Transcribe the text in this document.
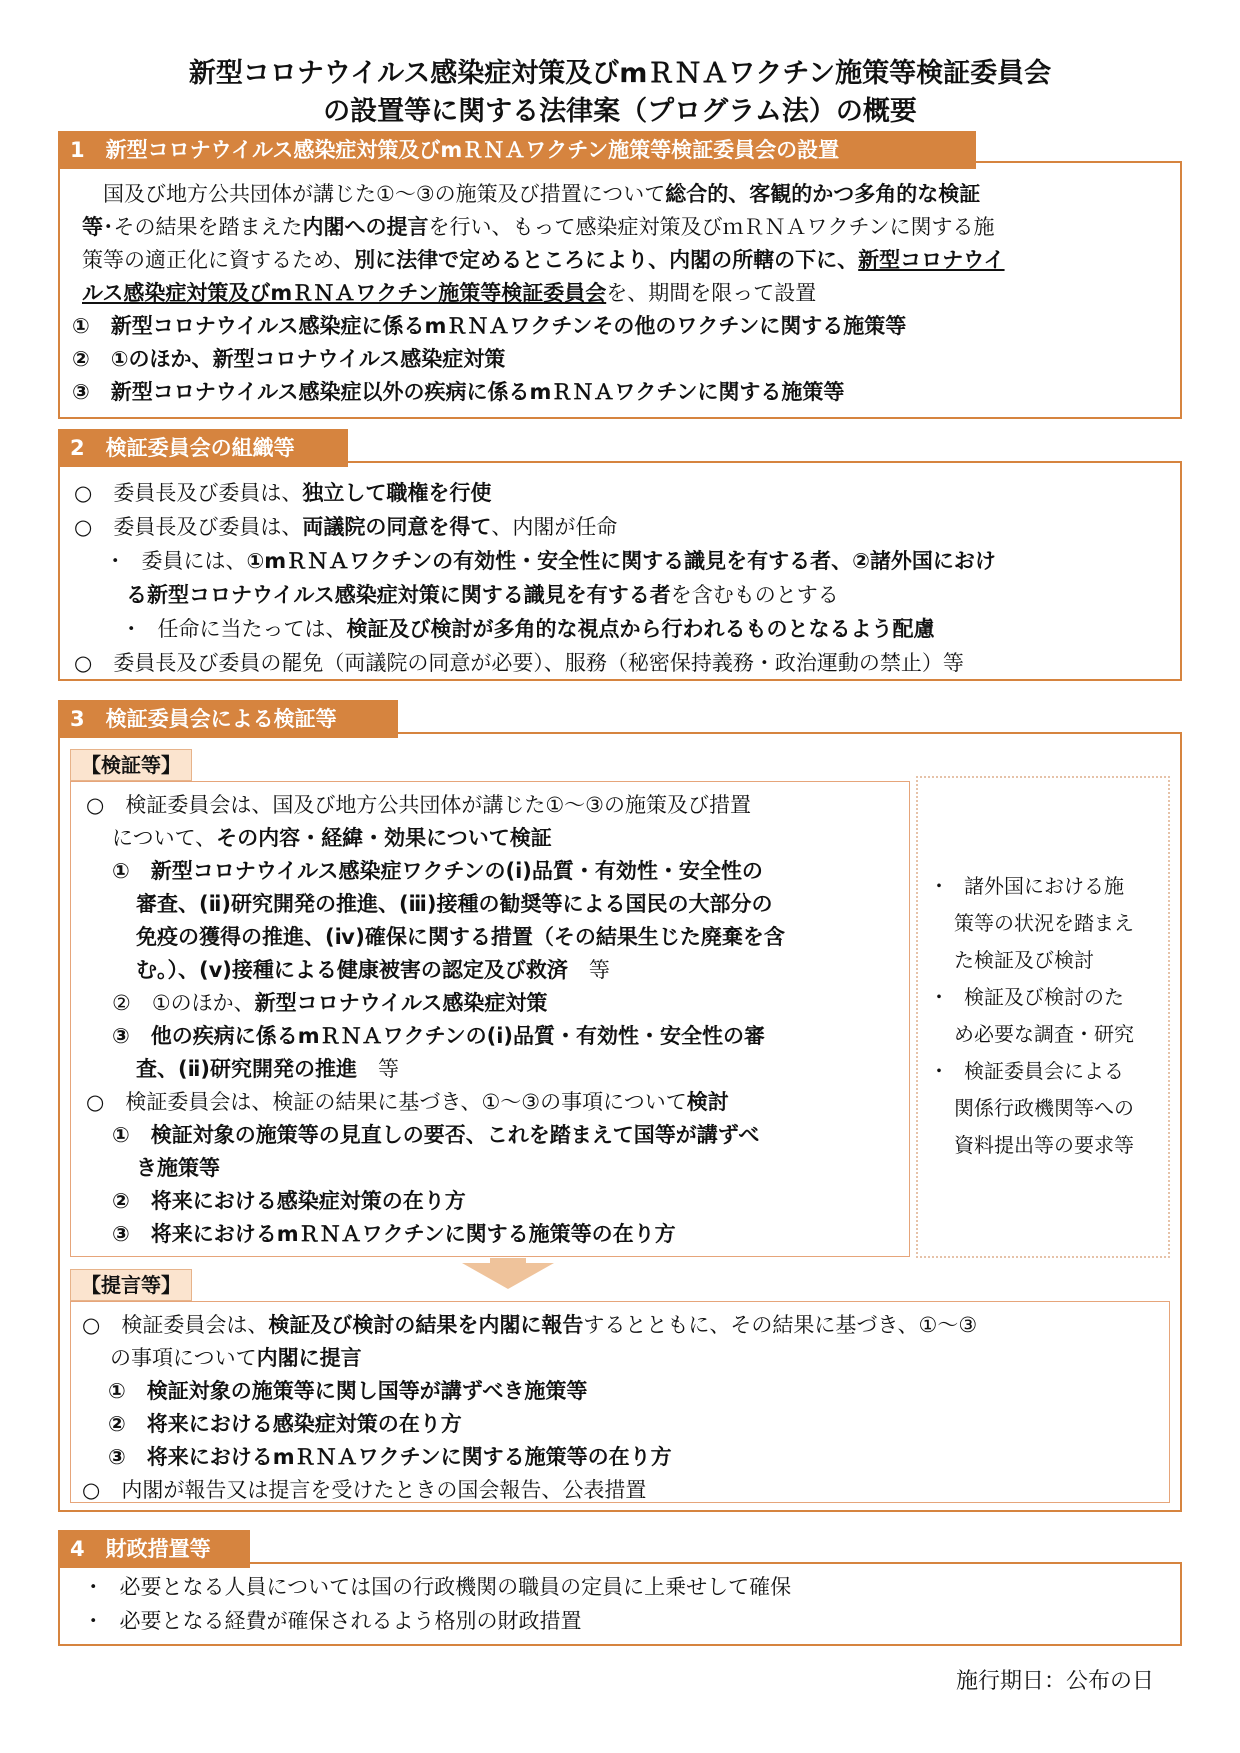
新型コロナウイルス感染症対策及びmＲＮＡワクチン施策等検証委員会
の設置等に関する法律案（プログラム法）の概要
1　新型コロナウイルス感染症対策及びmＲＮＡワクチン施策等検証委員会の設置
　国及び地方公共団体が講じた①～③の施策及び措置について総合的、客観的かつ多角的な検証
等･その結果を踏まえた内閣への提言を行い、もって感染症対策及びｍＲＮＡワクチンに関する施
策等の適正化に資するため、別に法律で定めるところにより、内閣の所轄の下に、新型コロナウイ
ルス感染症対策及びmＲＮＡワクチン施策等検証委員会を、期間を限って設置
①　新型コロナウイルス感染症に係るmＲＮＡワクチンその他のワクチンに関する施策等
②　①のほか、新型コロナウイルス感染症対策
③　新型コロナウイルス感染症以外の疾病に係るmＲＮＡワクチンに関する施策等
2　検証委員会の組織等
○　委員長及び委員は、独立して職権を行使
○　委員長及び委員は、両議院の同意を得て、内閣が任命
･　委員には、①mＲＮＡワクチンの有効性・安全性に関する識見を有する者、②諸外国におけ
る新型コロナウイルス感染症対策に関する識見を有する者を含むものとする
･　任命に当たっては、検証及び検討が多角的な視点から行われるものとなるよう配慮
○　委員長及び委員の罷免（両議院の同意が必要）、服務（秘密保持義務・政治運動の禁止）等
3　検証委員会による検証等
【検証等】
○　検証委員会は、国及び地方公共団体が講じた①～③の施策及び措置
について、その内容・経緯・効果について検証
①　新型コロナウイルス感染症ワクチンの(ⅰ)品質・有効性・安全性の
審査、(ⅱ)研究開発の推進、(ⅲ)接種の勧奨等による国民の大部分の
免疫の獲得の推進、(ⅳ)確保に関する措置（その結果生じた廃棄を含
む。）、(ⅴ)接種による健康被害の認定及び救済　等
②　①のほか、新型コロナウイルス感染症対策
③　他の疾病に係るmＲＮＡワクチンの(ⅰ)品質・有効性・安全性の審
査、(ⅱ)研究開発の推進　等
○　検証委員会は、検証の結果に基づき、①～③の事項について検討
①　検証対象の施策等の見直しの要否、これを踏まえて国等が講ずべ
き施策等
②　将来における感染症対策の在り方
③　将来におけるmＲＮＡワクチンに関する施策等の在り方
･　諸外国における施
策等の状況を踏まえ
た検証及び検討
･　検証及び検討のた
め必要な調査・研究
･　検証委員会による
関係行政機関等への
資料提出等の要求等
【提言等】
○　検証委員会は、検証及び検討の結果を内閣に報告するとともに、その結果に基づき、①～③
の事項について内閣に提言
①　検証対象の施策等に関し国等が講ずべき施策等
②　将来における感染症対策の在り方
③　将来におけるmＲＮＡワクチンに関する施策等の在り方
○　内閣が報告又は提言を受けたときの国会報告、公表措置
4　財政措置等
･　必要となる人員については国の行政機関の職員の定員に上乗せして確保
･　必要となる経費が確保されるよう格別の財政措置
施行期日：公布の日
